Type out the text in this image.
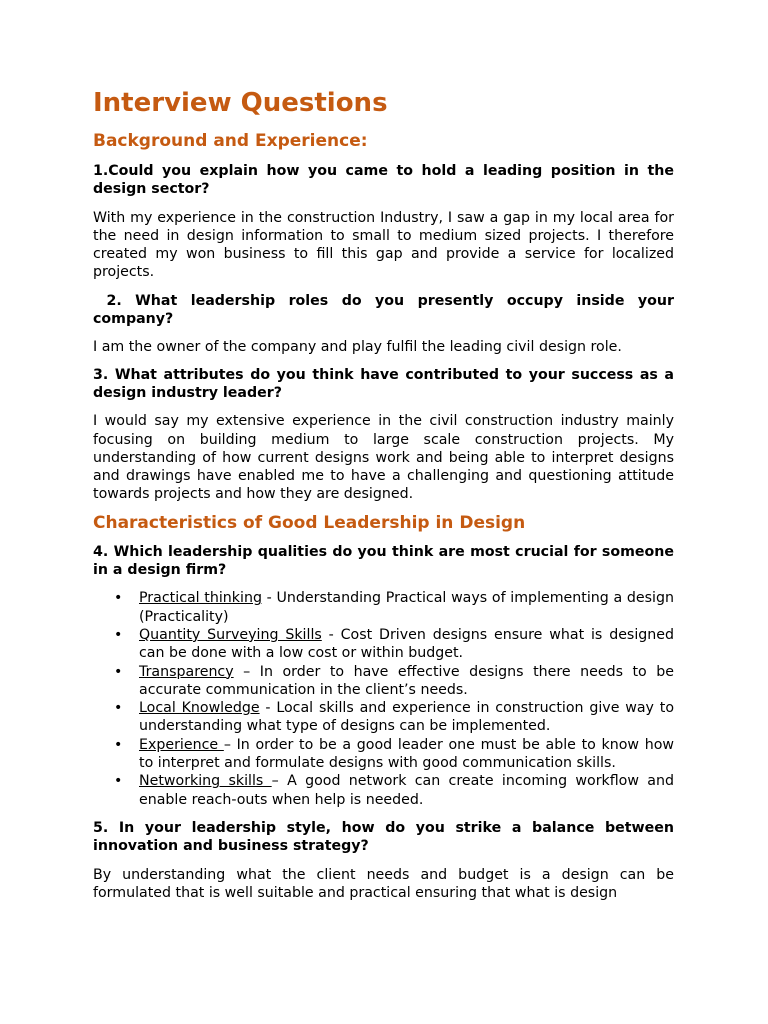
Interview Questions
Background and Experience:

1.Could you explain how you came to hold a leading position in the design sector?

With my experience in the construction Industry, I saw a gap in my local area for the need in design information to small to medium sized projects. I therefore created my won business to fill this gap and provide a service for localized projects.

2. What leadership roles do you presently occupy inside your company?

I am the owner of the company and play fulfil the leading civil design role.

3. What attributes do you think have contributed to your success as a design industry leader?

I would say my extensive experience in the civil construction industry mainly focusing on building medium to large scale construction projects. My understanding of how current designs work and being able to interpret designs and drawings have enabled me to have a challenging and questioning attitude towards projects and how they are designed.

Characteristics of Good Leadership in Design

4. Which leadership qualities do you think are most crucial for someone in a design firm?

• Practical thinking - Understanding Practical ways of implementing a design (Practicality)
• Quantity Surveying Skills - Cost Driven designs ensure what is designed can be done with a low cost or within budget.
• Transparency – In order to have effective designs there needs to be accurate communication in the client’s needs.
• Local Knowledge - Local skills and experience in construction give way to understanding what type of designs can be implemented.
• Experience – In order to be a good leader one must be able to know how to interpret and formulate designs with good communication skills.
• Networking skills – A good network can create incoming workflow and enable reach-outs when help is needed.

5. In your leadership style, how do you strike a balance between innovation and business strategy?

By understanding what the client needs and budget is a design can be formulated that is well suitable and practical ensuring that what is design
